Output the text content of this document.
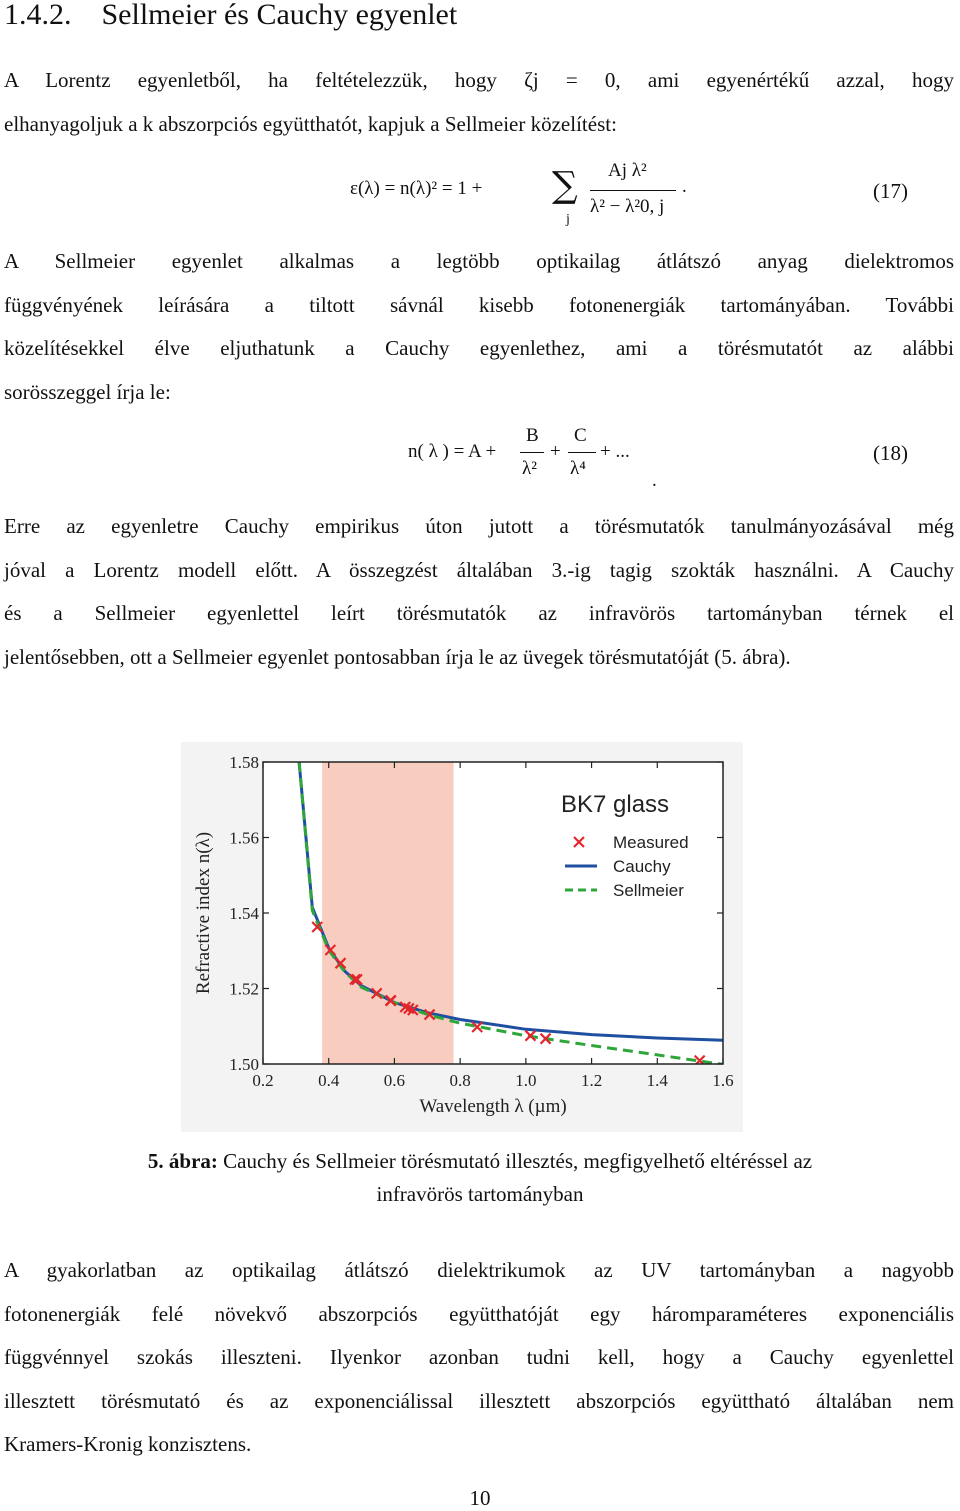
1.4.2.    Sellmeier és Cauchy egyenlet

A Lorentz egyenletből, ha feltételezzük, hogy ζj = 0, ami egyenértékű azzal, hogy
elhanyagoljuk a k abszorpciós együtthatót, kapjuk a Sellmeier közelítést:

ε(λ) = n(λ)² = 1 + ∑
j
Aj λ²
λ² − λ²0, j
.	(17)

A Sellmeier egyenlet alkalmas a legtöbb optikailag átlátszó anyag dielektromos
függvényének leírására a tiltott sávnál kisebb fotonenergiák tartományában. További
közelítésekkel élve eljuthatunk a Cauchy egyenlethez, ami a törésmutatót az alábbi
sorösszeggel írja le:

n( λ ) = A +
B
λ²
+
C
λ⁴
+ ...
.
(18)

Erre az egyenletre Cauchy empirikus úton jutott a törésmutatók tanulmányozásával még
jóval a Lorentz modell előtt. A összegzést általában 3.-ig tagig szokták használni. A Cauchy
és a Sellmeier egyenlettel leírt törésmutatók az infravörös tartományban térnek el
jelentősebben, ott a Sellmeier egyenlet pontosabban írja le az üvegek törésmutatóját (5. ábra).

0.2	0.4	0.6	0.8	1.0	1.2	1.4	1.6
1.50
1.52
1.54
1.56
1.58
Wavelength λ (µm)
Refractive index n(λ)
BK7 glass
Measured
Cauchy
Sellmeier
5. ábra: Cauchy és Sellmeier törésmutató illesztés, megfigyelhető eltéréssel az
infravörös tartományban

A gyakorlatban az optikailag átlátszó dielektrikumok az UV tartományban a nagyobb
fotonenergiák felé növekvő abszorpciós együtthatóját egy háromparaméteres exponenciális
függvénnyel szokás illeszteni. Ilyenkor azonban tudni kell, hogy a Cauchy egyenlettel
illesztett törésmutató és az exponenciálissal illesztett abszorpciós együttható általában nem
Kramers-Kronig konzisztens.

10
